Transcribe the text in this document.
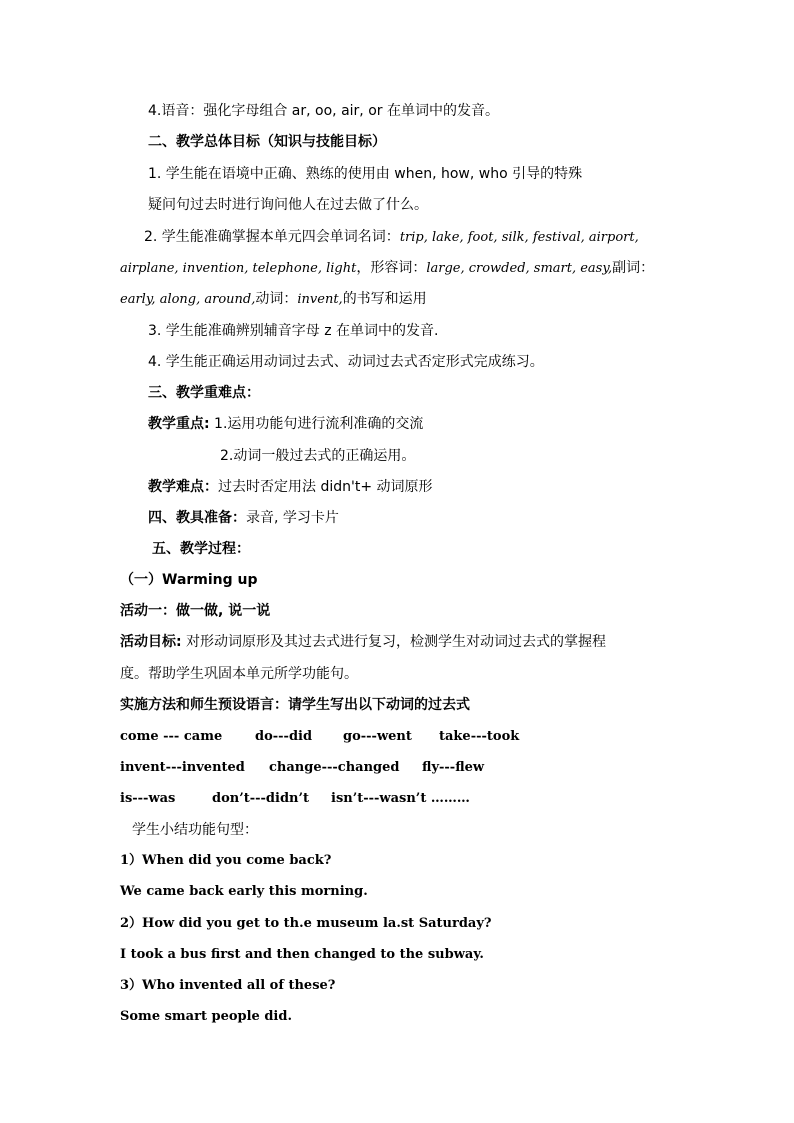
4.语音：强化字母组合 ar, oo, air, or 在单词中的发音。
二、教学总体目标（知识与技能目标）
1. 学生能在语境中正确、熟练的使用由 when, how, who 引导的特殊
疑问句过去时进行询问他人在过去做了什么。
2. 学生能准确掌握本单元四会单词名词：trip, lake, foot, silk, festival, airport,
airplane, invention, telephone, light，形容词：large, crowded, smart, easy,副词：
early, along, around,动词：invent,的书写和运用
3. 学生能准确辨别辅音字母 z 在单词中的发音.
4. 学生能正确运用动词过去式、动词过去式否定形式完成练习。
三、教学重难点：
教学重点: 1.运用功能句进行流利准确的交流
2.动词一般过去式的正确运用。
教学难点：过去时否定用法 didn't+ 动词原形
四、教具准备：录音, 学习卡片
五、教学过程：
（一）Warming up
活动一：做一做, 说一说
活动目标: 对形动词原形及其过去式进行复习，检测学生对动词过去式的掌握程
度。帮助学生巩固本单元所学功能句。
实施方法和师生预设语言：请学生写出以下动词的过去式
come --- came	do---did go---went take---took
invent---invented change---changed fly---flew
is---was	don’t---didn’t isn’t---wasn’t ………
学生小结功能句型：
1）When did you come back?
We came back early this morning.
2）How did you get to th.e museum la.st Saturday?
I took a bus first and then changed to the subway.
3）Who invented all of these?
Some smart people did.
